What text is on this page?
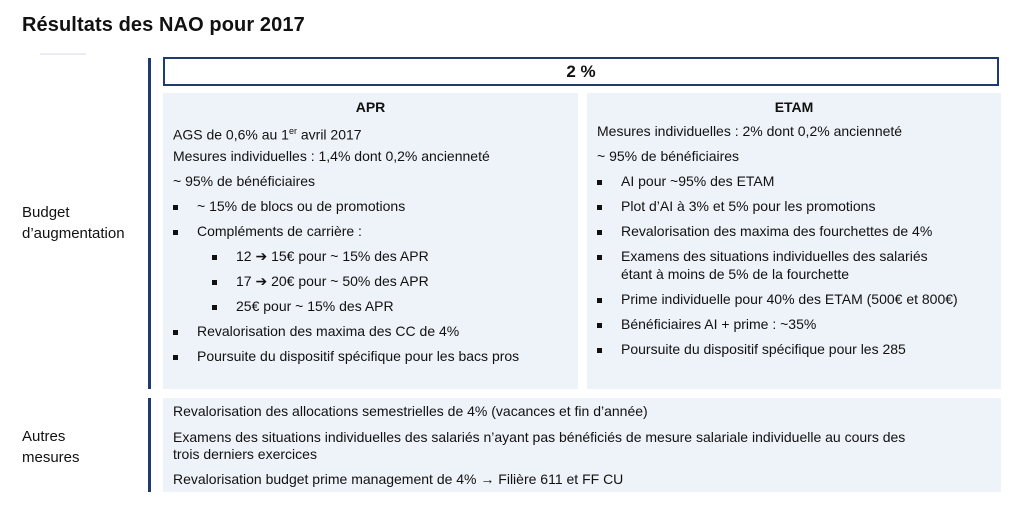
Résultats des NAO pour 2017
Budget
d’augmentation
Autres
mesures
2 %
APR
AGS de 0,6% au 1er avril 2017
Mesures individuelles : 1,4% dont 0,2% ancienneté
~ 95% de bénéficiaires
~ 15% de blocs ou de promotions
Compléments de carrière :
12 ➔ 15€ pour ~ 15% des APR
17 ➔ 20€ pour ~ 50% des APR
25€ pour ~ 15% des APR
Revalorisation des maxima des CC de 4%
Poursuite du dispositif spécifique pour les bacs pros
ETAM
Mesures individuelles : 2% dont 0,2% ancienneté
~ 95% de bénéficiaires
AI pour ~95% des ETAM
Plot d’AI à 3% et 5% pour les promotions
Revalorisation des maxima des fourchettes de 4%
Examens des situations individuelles des salariés
étant à moins de 5% de la fourchette
Prime individuelle pour 40% des ETAM (500€ et 800€)
Bénéficiaires AI + prime : ~35%
Poursuite du dispositif spécifique pour les 285
Revalorisation des allocations semestrielles de 4% (vacances et fin d’année)
Examens des situations individuelles des salariés n’ayant pas bénéficiés de mesure salariale individuelle au cours des
trois derniers exercices
Revalorisation budget prime management de 4% → Filière 611 et FF CU
